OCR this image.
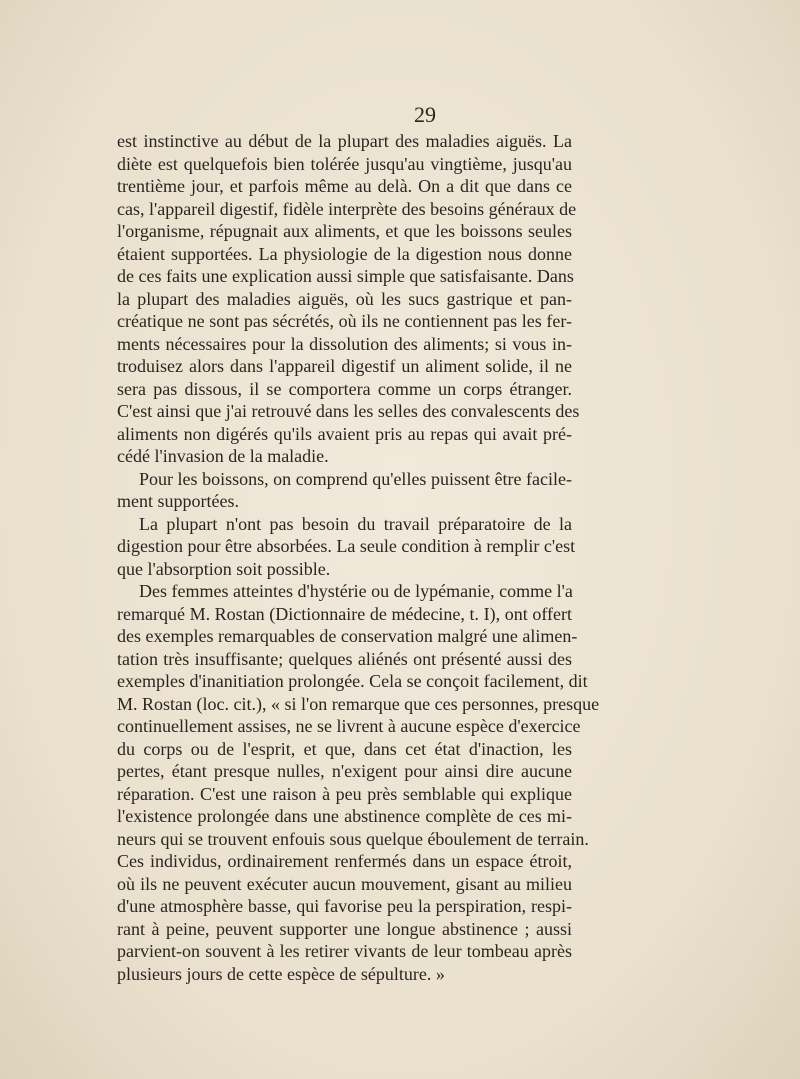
29
est instinctive au début de la plupart des maladies aiguës. La
diète est quelquefois bien tolérée jusqu'au vingtième, jusqu'au
trentième jour, et parfois même au delà. On a dit que dans ce
cas, l'appareil digestif, fidèle interprète des besoins généraux de
l'organisme, répugnait aux aliments, et que les boissons seules
étaient supportées. La physiologie de la digestion nous donne
de ces faits une explication aussi simple que satisfaisante. Dans
la plupart des maladies aiguës, où les sucs gastrique et pan-
créatique ne sont pas sécrétés, où ils ne contiennent pas les fer-
ments nécessaires pour la dissolution des aliments; si vous in-
troduisez alors dans l'appareil digestif un aliment solide, il ne
sera pas dissous, il se comportera comme un corps étranger.
C'est ainsi que j'ai retrouvé dans les selles des convalescents des
aliments non digérés qu'ils avaient pris au repas qui avait pré-
cédé l'invasion de la maladie.
Pour les boissons, on comprend qu'elles puissent être facile-
ment supportées.
La plupart n'ont pas besoin du travail préparatoire de la
digestion pour être absorbées. La seule condition à remplir c'est
que l'absorption soit possible.
Des femmes atteintes d'hystérie ou de lypémanie, comme l'a
remarqué M. Rostan (Dictionnaire de médecine, t. I), ont offert
des exemples remarquables de conservation malgré une alimen-
tation très insuffisante; quelques aliénés ont présenté aussi des
exemples d'inanitiation prolongée. Cela se conçoit facilement, dit
M. Rostan (loc. cit.), « si l'on remarque que ces personnes, presque
continuellement assises, ne se livrent à aucune espèce d'exercice
du corps ou de l'esprit, et que, dans cet état d'inaction, les
pertes, étant presque nulles, n'exigent pour ainsi dire aucune
réparation. C'est une raison à peu près semblable qui explique
l'existence prolongée dans une abstinence complète de ces mi-
neurs qui se trouvent enfouis sous quelque éboulement de terrain.
Ces individus, ordinairement renfermés dans un espace étroit,
où ils ne peuvent exécuter aucun mouvement, gisant au milieu
d'une atmosphère basse, qui favorise peu la perspiration, respi-
rant à peine, peuvent supporter une longue abstinence ; aussi
parvient-on souvent à les retirer vivants de leur tombeau après
plusieurs jours de cette espèce de sépulture. »
